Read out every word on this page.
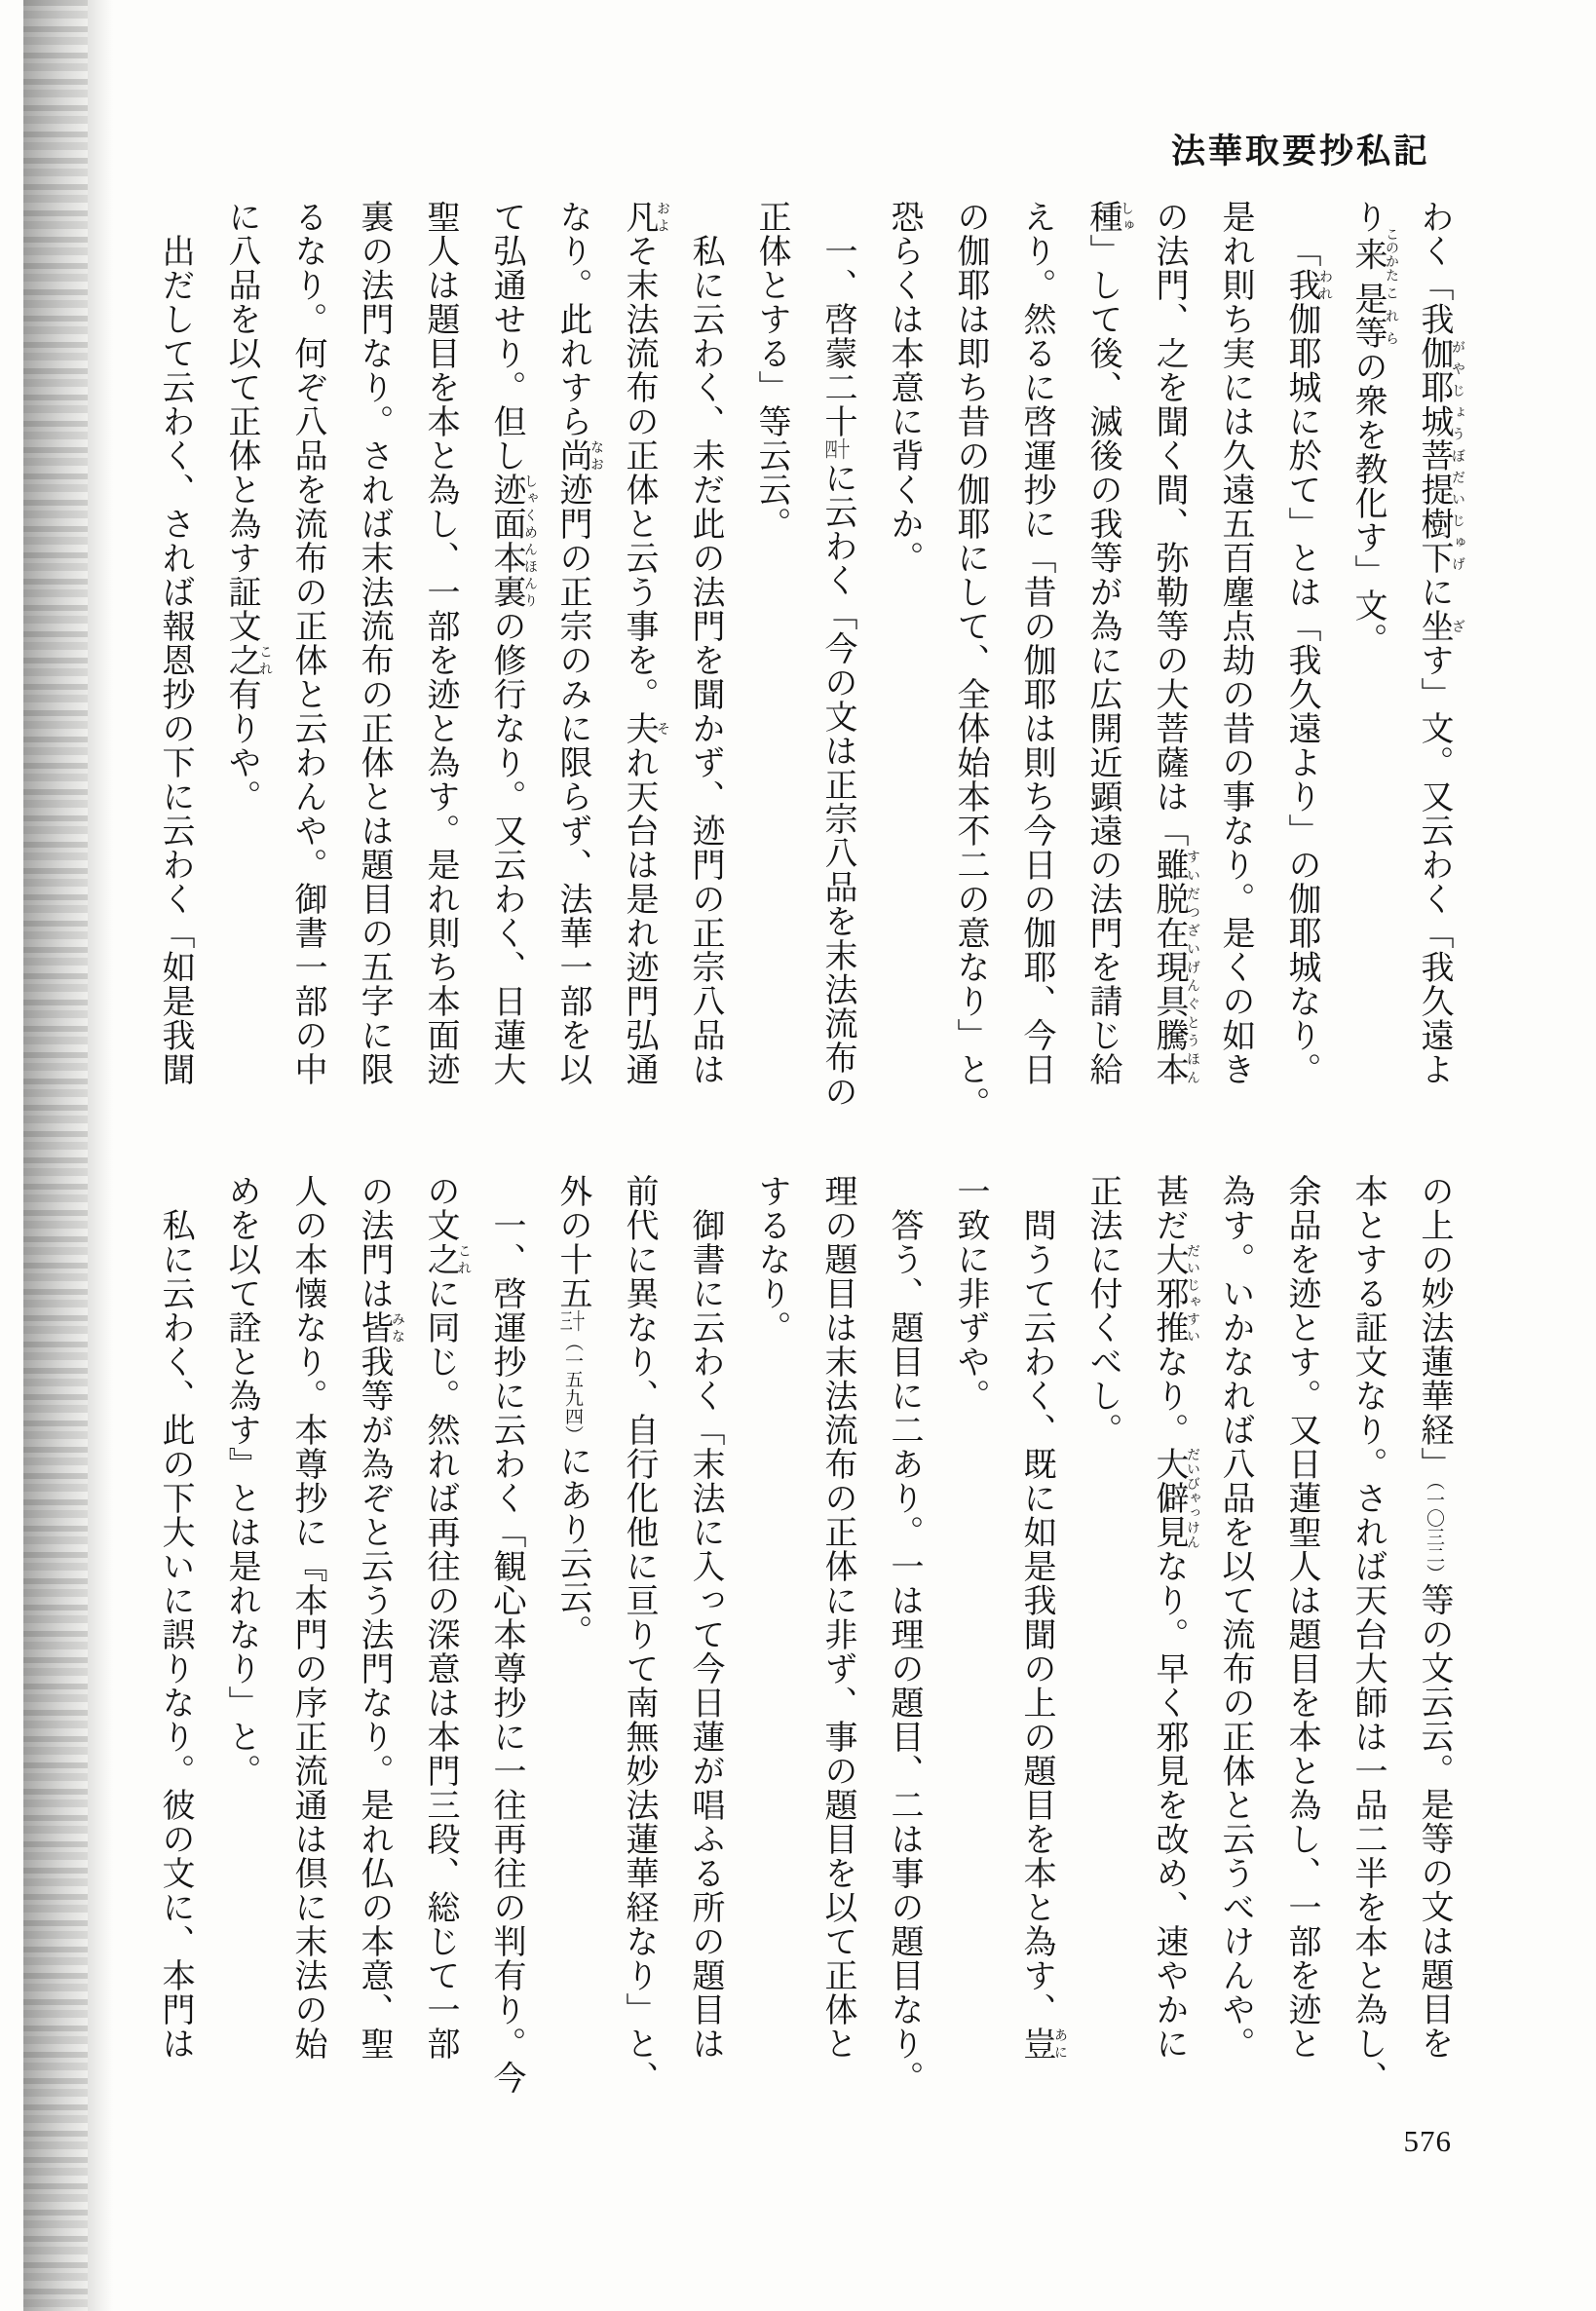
法華取要抄私記
わく「我伽耶城菩提樹下がやじょうぼだいじゅげに坐ざす」文。又云わく「我久遠よ
り来このかた是等これらの衆を教化す」文。
「我われ伽耶城に於て」とは「我久遠より」の伽耶城なり。
是れ則ち実には久遠五百塵点劫の昔の事なり。是くの如き
の法門、之を聞く間、弥勒等の大菩薩は「雖脱在現具騰本すいだつざいげんぐとうほん
種しゅ」して後、滅後の我等が為に広開近顕遠の法門を請じ給
えり。然るに啓運抄に「昔の伽耶は則ち今日の伽耶、今日
の伽耶は即ち昔の伽耶にして、全体始本不二の意なり」と。
恐らくは本意に背くか。
一、啓蒙二十四十に云わく「今の文は正宗八品を末法流布の
正体とする」等云云。
私に云わく、未だ此の法門を聞かず、迹門の正宗八品は
凡およそ末法流布の正体と云う事を。夫それ天台は是れ迹門弘通
なり。此れすら尚なお迹門の正宗のみに限らず、法華一部を以
て弘通せり。但し迹面本裏しゃくめんほんりの修行なり。又云わく、日蓮大
聖人は題目を本と為し、一部を迹と為す。是れ則ち本面迹
裏の法門なり。されば末法流布の正体とは題目の五字に限
るなり。何ぞ八品を流布の正体と云わんや。御書一部の中
に八品を以て正体と為す証文之これ有りや。
出だして云わく、されば報恩抄の下に云わく「如是我聞
の上の妙法蓮華経」（一〇三二）等の文云云。是等の文は題目を
本とする証文なり。されば天台大師は一品二半を本と為し、
余品を迹とす。又日蓮聖人は題目を本と為し、一部を迹と
為す。いかなれば八品を以て流布の正体と云うべけんや。
甚だ大邪推だいじゃすいなり。大僻見だいびゃっけんなり。早く邪見を改め、速やかに
正法に付くべし。
問うて云わく、既に如是我聞の上の題目を本と為す、豈あに
一致に非ずや。
答う、題目に二あり。一は理の題目、二は事の題目なり。
理の題目は末法流布の正体に非ず、事の題目を以て正体と
するなり。
御書に云わく「末法に入って今日蓮が唱ふる所の題目は
前代に異なり、自行化他に亘りて南無妙法蓮華経なり」と、
外の十五三十（一五九四）にあり云云。
一、啓運抄に云わく「観心本尊抄に一往再往の判有り。今
の文之これに同じ。然れば再往の深意は本門三段、総じて一部
の法門は皆みな我等が為ぞと云う法門なり。是れ仏の本意、聖
人の本懐なり。本尊抄に『本門の序正流通は倶に末法の始
めを以て詮と為す』とは是れなり」と。
私に云わく、此の下大いに誤りなり。彼の文に、本門は
576
